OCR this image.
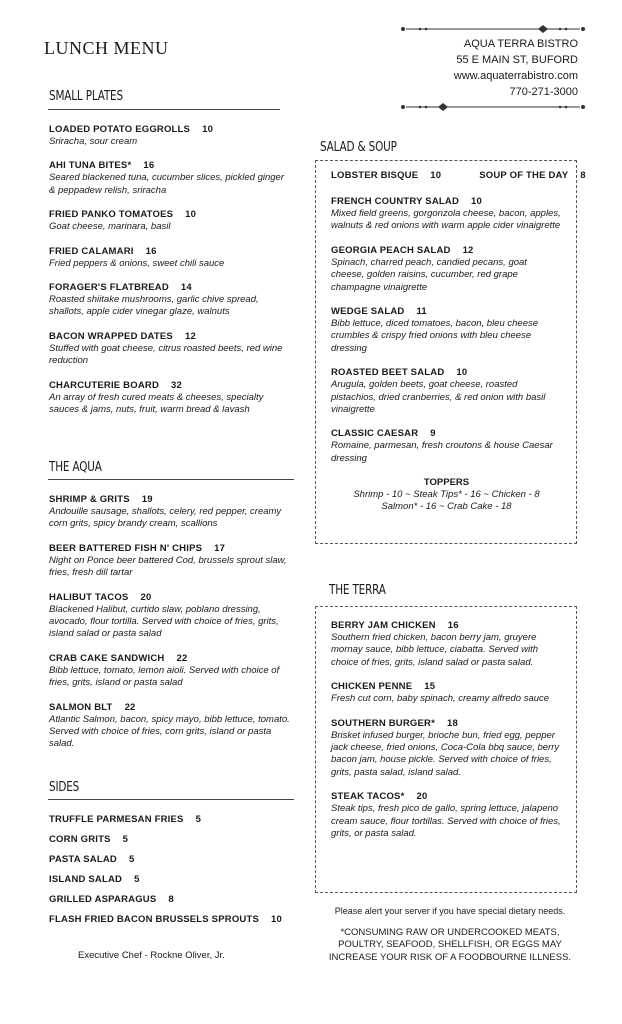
LUNCH MENU	AQUA TERRA BISTRO
55 E MAIN ST, BUFORD
www.aquaterrabistro.com
770-271-3000
SMALL PLATES
LOADED POTATO EGGROLLS 10
Sriracha, sour cream
AHI TUNA BITES* 16
Seared blackened tuna, cucumber slices, pickled ginger & peppadew relish, sriracha
FRIED PANKO TOMATOES 10
Goat cheese, marinara, basil
FRIED CALAMARI 16
Fried peppers & onions, sweet chili sauce
FORAGER'S FLATBREAD 14
Roasted shiitake mushrooms, garlic chive spread, shallots, apple cider vinegar glaze, walnuts
BACON WRAPPED DATES 12
Stuffed with goat cheese, citrus roasted beets, red wine reduction
CHARCUTERIE BOARD 32
An array of fresh cured meats & cheeses, specialty sauces & jams, nuts, fruit, warm bread & lavash
THE AQUA
SHRIMP & GRITS 19
Andouille sausage, shallots, celery, red pepper, creamy corn grits, spicy brandy cream, scallions
BEER BATTERED FISH N' CHIPS 17
Night on Ponce beer battered Cod, brussels sprout slaw, fries, fresh dill tartar
HALIBUT TACOS 20
Blackened Halibut, curtido slaw, poblano dressing, avocado, flour tortilla. Served with choice of fries, grits, island salad or pasta salad
CRAB CAKE SANDWICH 22
Bibb lettuce, tomato, lemon aioli. Served with choice of fries, grits, island or pasta salad
SALMON BLT 22
Atlantic Salmon, bacon, spicy mayo, bibb lettuce, tomato. Served with choice of fries, corn grits, island or pasta salad.
SIDES
TRUFFLE PARMESAN FRIES 5
CORN GRITS 5
PASTA SALAD 5
ISLAND SALAD 5
GRILLED ASPARAGUS 8
FLASH FRIED BACON BRUSSELS SPROUTS 10
Executive Chef - Rockne Oliver, Jr.
SALAD & SOUP
LOBSTER BISQUE 10	SOUP OF THE DAY 8
FRENCH COUNTRY SALAD 10
Mixed field greens, gorgonzola cheese, bacon, apples, walnuts & red onions with warm apple cider vinaigrette
GEORGIA PEACH SALAD 12
Spinach, charred peach, candied pecans, goat cheese, golden raisins, cucumber, red grape champagne vinaigrette
WEDGE SALAD 11
Bibb lettuce, diced tomatoes, bacon, bleu cheese crumbles & crispy fried onions with bleu cheese dressing
ROASTED BEET SALAD 10
Arugula, golden beets, goat cheese, roasted pistachios, dried cranberries, & red onion with basil vinaigrette
CLASSIC CAESAR 9
Romaine, parmesan, fresh croutons & house Caesar dressing
TOPPERS
Shrimp - 10 ~ Steak Tips* - 16 ~ Chicken - 8
Salmon* - 16 ~ Crab Cake - 18
THE TERRA
BERRY JAM CHICKEN 16
Southern fried chicken, bacon berry jam, gruyere mornay sauce, bibb lettuce, ciabatta. Served with choice of fries, grits, island salad or pasta salad.
CHICKEN PENNE 15
Fresh cut corn, baby spinach, creamy alfredo sauce
SOUTHERN BURGER* 18
Brisket infused burger, brioche bun, fried egg, pepper jack cheese, fried onions, Coca-Cola bbq sauce, berry bacon jam, house pickle. Served with choice of fries, grits, pasta salad, island salad.
STEAK TACOS* 20
Steak tips, fresh pico de gallo, spring lettuce, jalapeno cream sauce, flour tortillas. Served with choice of fries, grits, or pasta salad.
Please alert your server if you have special dietary needs.
*CONSUMING RAW OR UNDERCOOKED MEATS, POULTRY, SEAFOOD, SHELLFISH, OR EGGS MAY INCREASE YOUR RISK OF A FOODBOURNE ILLNESS.
